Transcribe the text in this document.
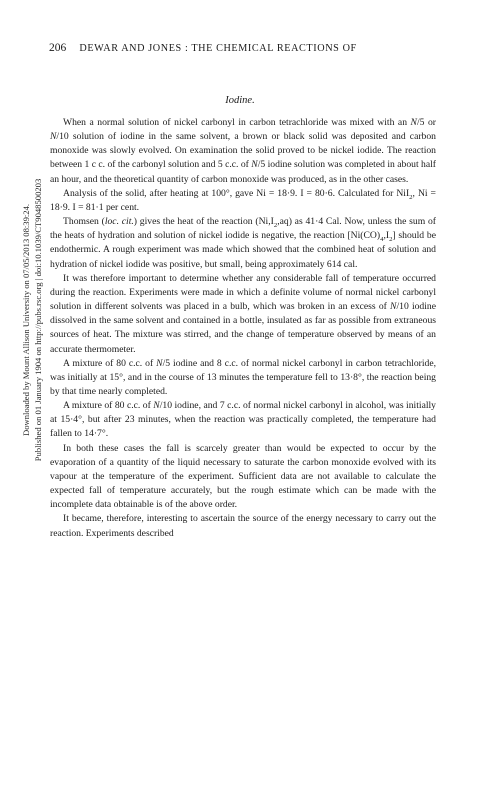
206 DEWAR AND JONES : THE CHEMICAL REACTIONS OF
Iodine.
Downloaded by Mount Allison University on 07/05/2013 08:39:24. Published on 01 January 1904 on http://pubs.rsc.org | doi:10.1039/CT9048500203

When a normal solution of nickel carbonyl in carbon tetrachloride was mixed with an N/5 or N/10 solution of iodine in the same solvent, a brown or black solid was deposited and carbon monoxide was slowly evolved. On examination the solid proved to be nickel iodide. The reaction between 1 c c. of the carbonyl solution and 5 c.c. of N/5 iodine solution was completed in about half an hour, and the theoretical quantity of carbon monoxide was produced, as in the other cases.

Analysis of the solid, after heating at 100°, gave Ni = 18·9. I = 80·6. Calculated for NiI$_2$, Ni = 18·9. I = 81·1 per cent.

Thomsen (loc. cit.) gives the heat of the reaction $(Ni,I_2,aq)$ as 41·4 Cal. Now, unless the sum of the heats of hydration and solution of nickel iodide is negative, the reaction $[Ni(CO)_4,I_2]$ should be endothermic. A rough experiment was made which showed that the combined heat of solution and hydration of nickel iodide was positive, but small, being approximately 614 cal.

It was therefore important to determine whether any considerable fall of temperature occurred during the reaction. Experiments were made in which a definite volume of normal nickel carbonyl solution in different solvents was placed in a bulb, which was broken in an excess of N/10 iodine dissolved in the same solvent and contained in a bottle, insulated as far as possible from extraneous sources of heat. The mixture was stirred, and the change of temperature observed by means of an accurate thermometer.

A mixture of 80 c.c. of N/5 iodine and 8 c.c. of normal nickel carbonyl in carbon tetrachloride, was initially at 15°, and in the course of 13 minutes the temperature fell to 13·8°, the reaction being by that time nearly completed.

A mixture of 80 c.c. of N/10 iodine, and 7 c.c. of normal nickel carbonyl in alcohol, was initially at 15·4°, but after 23 minutes, when the reaction was practically completed, the temperature had fallen to 14·7°.

In both these cases the fall is scarcely greater than would be expected to occur by the evaporation of a quantity of the liquid necessary to saturate the carbon monoxide evolved with its vapour at the temperature of the experiment. Sufficient data are not available to calculate the expected fall of temperature accurately, but the rough estimate which can be made with the incomplete data obtainable is of the above order.

It became, therefore, interesting to ascertain the source of the energy necessary to carry out the reaction. Experiments described
